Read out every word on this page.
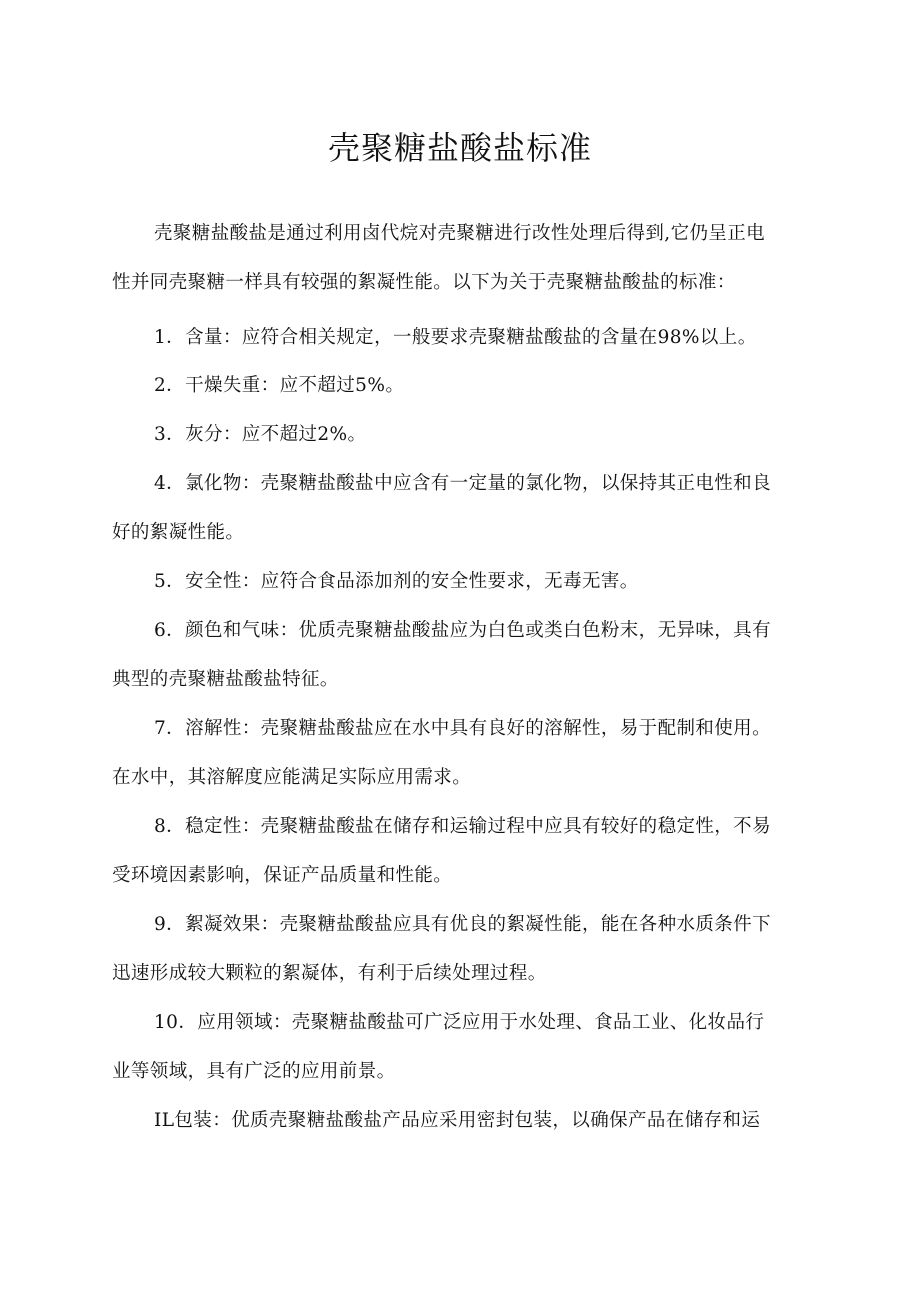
壳聚糖盐酸盐标准

壳聚糖盐酸盐是通过利用卤代烷对壳聚糖进行改性处理后得到,它仍呈正电
性并同壳聚糖一样具有较强的絮凝性能。以下为关于壳聚糖盐酸盐的标准：

1．含量：应符合相关规定，一般要求壳聚糖盐酸盐的含量在98%以上。

2．干燥失重：应不超过5%。

3．灰分：应不超过2%。

4．氯化物：壳聚糖盐酸盐中应含有一定量的氯化物，以保持其正电性和良
好的絮凝性能。

5．安全性：应符合食品添加剂的安全性要求，无毒无害。

6．颜色和气味：优质壳聚糖盐酸盐应为白色或类白色粉末，无异味，具有
典型的壳聚糖盐酸盐特征。

7．溶解性：壳聚糖盐酸盐应在水中具有良好的溶解性，易于配制和使用。
在水中，其溶解度应能满足实际应用需求。

8．稳定性：壳聚糖盐酸盐在储存和运输过程中应具有较好的稳定性，不易
受环境因素影响，保证产品质量和性能。

9．絮凝效果：壳聚糖盐酸盐应具有优良的絮凝性能，能在各种水质条件下
迅速形成较大颗粒的絮凝体，有利于后续处理过程。

10．应用领域：壳聚糖盐酸盐可广泛应用于水处理、食品工业、化妆品行
业等领域，具有广泛的应用前景。

IL包装：优质壳聚糖盐酸盐产品应采用密封包装，以确保产品在储存和运
